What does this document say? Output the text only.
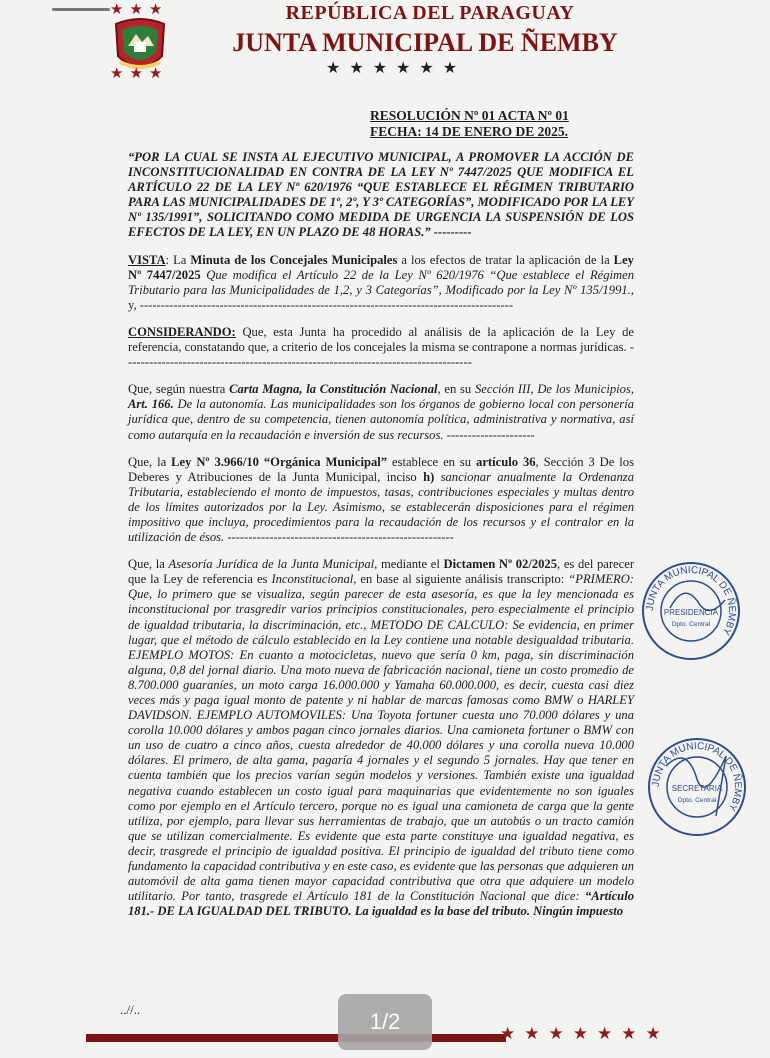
★★★
★★★
REPÚBLICA DEL PARAGUAY
JUNTA MUNICIPAL DE ÑEMBY
★★★★★★
RESOLUCIÓN Nº 01 ACTA Nº 01
FECHA: 14 DE ENERO DE 2025.

“POR LA CUAL SE INSTA AL EJECUTIVO MUNICIPAL, A PROMOVER LA ACCIÓN DE INCONSTITUCIONALIDAD EN CONTRA DE LA LEY Nº 7447/2025 QUE MODIFICA EL ARTÍCULO 22 DE LA LEY Nº 620/1976 “QUE ESTABLECE EL RÉGIMEN TRIBUTARIO PARA LAS MUNICIPALIDADES DE 1º, 2º, Y 3º CATEGORÍAS”, MODIFICADO POR LA LEY Nº 135/1991”, SOLICITANDO COMO MEDIDA DE URGENCIA LA SUSPENSIÓN DE LOS EFECTOS DE LA LEY, EN UN PLAZO DE 48 HORAS.” ---------

VISTA: La Minuta de los Concejales Municipales a los efectos de tratar la aplicación de la Ley Nº 7447/2025 Que modifica el Artículo 22 de la Ley Nº 620/1976 “Que establece el Régimen Tributario para las Municipalidades de 1,2, y 3 Categorías”, Modificado por la Ley Nº 135/1991., y, -----------------------------------------------------------------------------------------

CONSIDERANDO: Que, esta Junta ha procedido al análisis de la aplicación de la Ley de referencia, constatando que, a criterio de los concejales la misma se contrapone a normas jurídicas. -----------------------------------------------------------------------------------

Que, según nuestra Carta Magna, la Constitución Nacional, en su Sección III, De los Municipios, Art. 166. De la autonomía. Las municipalidades son los órganos de gobierno local con personería jurídica que, dentro de su competencia, tienen autonomía política, administrativa y normativa, así como autarquía en la recaudación e inversión de sus recursos. ---------------------

Que, la Ley Nº 3.966/10 “Orgánica Municipal” establece en su artículo 36, Sección 3 De los Deberes y Atribuciones de la Junta Municipal, inciso h) sancionar anualmente la Ordenanza Tributaria, estableciendo el monto de impuestos, tasas, contribuciones especiales y multas dentro de los límites autorizados por la Ley. Asimismo, se establecerán disposiciones para el régimen impositivo que incluya, procedimientos para la recaudación de los recursos y el contralor en la utilización de ésos. ------------------------------------------------------

Que, la Asesoría Jurídica de la Junta Municipal, mediante el Dictamen Nº 02/2025, es del parecer que la Ley de referencia es Inconstitucional, en base al siguiente análisis transcripto: “PRIMERO: Que, lo primero que se visualiza, según parecer de esta asesoría, es que la ley mencionada es inconstitucional por trasgredir varios principios constitucionales, pero especialmente el principio de igualdad tributaria, la discriminación, etc., METODO DE CALCULO: Se evidencia, en primer lugar, que el método de cálculo establecido en la Ley contiene una notable desigualdad tributaria. EJEMPLO MOTOS: En cuanto a motocicletas, nuevo que sería 0 km, paga, sin discriminación alguna, 0,8 del jornal diario. Una moto nueva de fabricación nacional, tiene un costo promedio de 8.700.000 guaraníes, un moto carga 16.000.000 y Yamaha 60.000.000, es decir, cuesta casi diez veces más y paga igual monto de patente y ni hablar de marcas famosas como BMW o HARLEY DAVIDSON. EJEMPLO AUTOMOVILES: Una Toyota fortuner cuesta uno 70.000 dólares y una corolla 10.000 dólares y ambos pagan cinco jornales diarios. Una camioneta fortuner o BMW con un uso de cuatro a cinco años, cuesta alrededor de 40.000 dólares y una corolla nueva 10.000 dólares. El primero, de alta gama, pagaría 4 jornales y el segundo 5 jornales. Hay que tener en cuenta también que los precios varían según modelos y versiones. También existe una igualdad negativa cuando establecen un costo igual para maquinarias que evidentemente no son iguales como por ejemplo en el Artículo tercero, porque no es igual una camioneta de carga que la gente utiliza, por ejemplo, para llevar sus herramientas de trabajo, que un autobús o un tracto camión que se utilizan comercialmente. Es evidente que esta parte constituye una igualdad negativa, es decir, trasgrede el principio de igualdad positiva. El principio de igualdad del tributo tiene como fundamento la capacidad contributiva y en este caso, es evidente que las personas que adquieren un automóvil de alta gama tienen mayor capacidad contributiva que otra que adquiere un modelo utilitario. Por tanto, trasgrede el Artículo 181 de la Constitución Nacional que dice: “Artículo 181.- DE LA IGUALDAD DEL TRIBUTO. La igualdad es la base del tributo. Ningún impuesto

JUNTA MUNICIPAL DE ÑEMBY
PRESIDENCIA
Dpto. Central
JUNTA MUNICIPAL DE ÑEMBY
SECRETARIA
Dpto. Central
..//..
★★★★★★★
1/2
